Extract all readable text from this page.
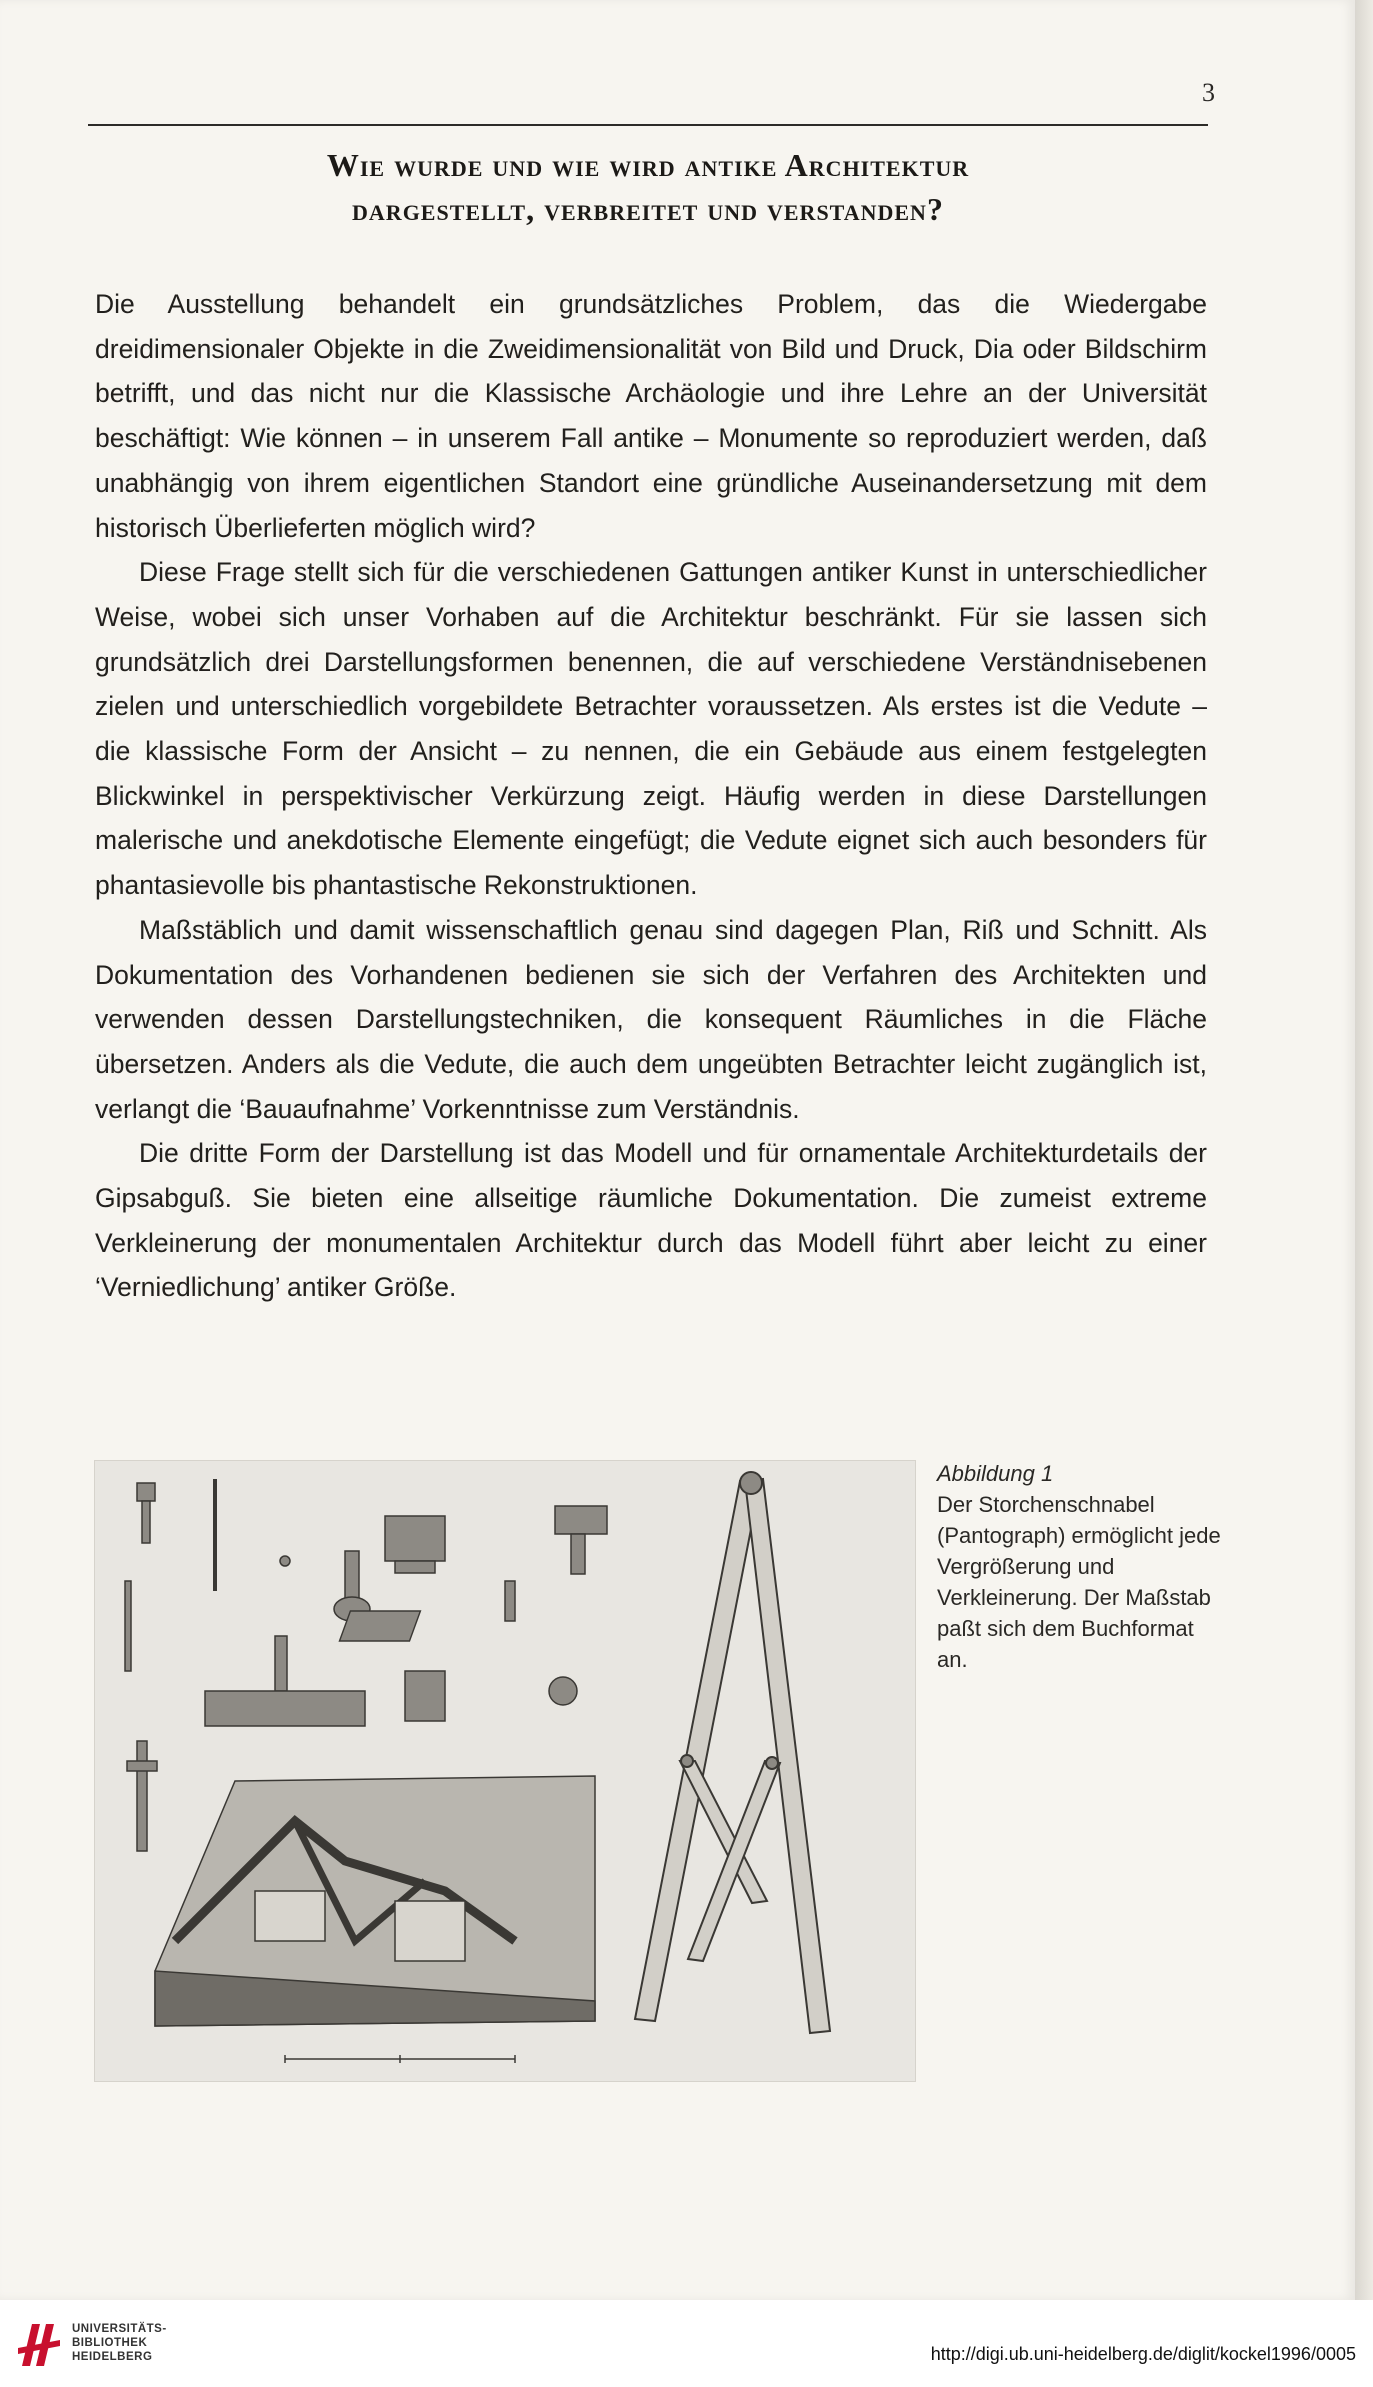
3
Wie wurde und wie wird antike Architektur
dargestellt, verbreitet und verstanden?

Die Ausstellung behandelt ein grundsätzliches Problem, das die Wiedergabe dreidimensionaler Objekte in die Zweidimensionalität von Bild und Druck, Dia oder Bildschirm betrifft, und das nicht nur die Klassische Archäologie und ihre Lehre an der Universität beschäftigt: Wie können – in unserem Fall antike – Monumente so reproduziert werden, daß unabhängig von ihrem eigentlichen Standort eine gründliche Auseinandersetzung mit dem historisch Überlieferten möglich wird?

Diese Frage stellt sich für die verschiedenen Gattungen antiker Kunst in unterschiedlicher Weise, wobei sich unser Vorhaben auf die Architektur beschränkt. Für sie lassen sich grundsätzlich drei Darstellungsformen benennen, die auf verschiedene Verständnisebenen zielen und unterschiedlich vorgebildete Betrachter voraussetzen. Als erstes ist die Vedute – die klassische Form der Ansicht – zu nennen, die ein Gebäude aus einem festgelegten Blickwinkel in perspektivischer Verkürzung zeigt. Häufig werden in diese Darstellungen malerische und anekdotische Elemente eingefügt; die Vedute eignet sich auch besonders für phantasievolle bis phantastische Rekonstruktionen.

Maßstäblich und damit wissenschaftlich genau sind dagegen Plan, Riß und Schnitt. Als Dokumentation des Vorhandenen bedienen sie sich der Verfahren des Architekten und verwenden dessen Darstellungstechniken, die konsequent Räumliches in die Fläche übersetzen. Anders als die Vedute, die auch dem ungeübten Betrachter leicht zugänglich ist, verlangt die ‘Bauaufnahme’ Vorkenntnisse zum Verständnis.

Die dritte Form der Darstellung ist das Modell und für ornamentale Architekturdetails der Gipsabguß. Sie bieten eine allseitige räumliche Dokumentation. Die zumeist extreme Verkleinerung der monumentalen Architektur durch das Modell führt aber leicht zu einer ‘Verniedlichung’ antiker Größe.

Abbildung 1
Der Storchenschnabel (Pantograph) ermöglicht jede Vergrößerung und Verkleinerung. Der Maßstab paßt sich dem Buchformat an.
UNIVERSITÄTS-
BIBLIOTHEK
HEIDELBERG	http://digi.ub.uni-heidelberg.de/diglit/kockel1996/0005
